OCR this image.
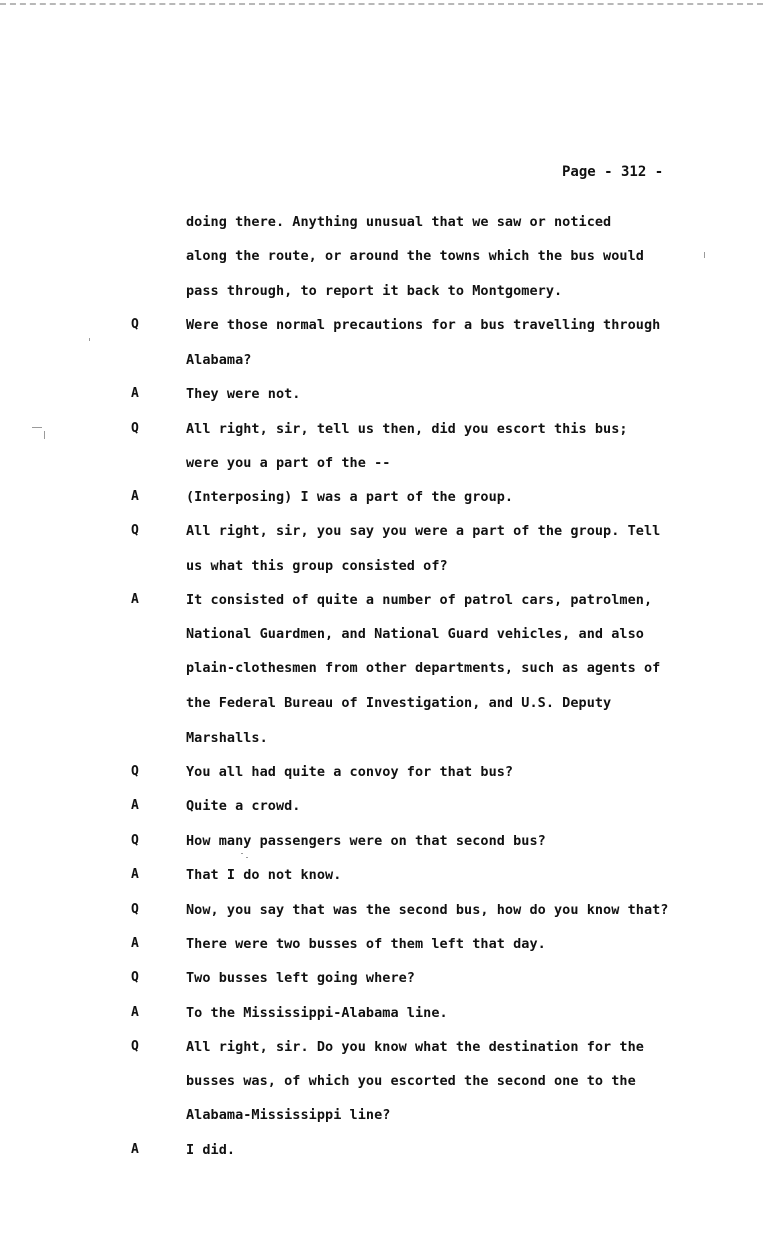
Page - 312 -
doing there. Anything unusual that we saw or noticed
along the route, or around the towns which the bus would
pass through, to report it back to Montgomery.
Q	Were those normal precautions for a bus travelling through
Alabama?
A	They were not.
Q	All right, sir, tell us then, did you escort this bus;
were you a part of the --
A	(Interposing) I was a part of the group.
Q	All right, sir, you say you were a part of the group. Tell
us what this group consisted of?
A	It consisted of quite a number of patrol cars, patrolmen,
National Guardmen, and National Guard vehicles, and also
plain-clothesmen from other departments, such as agents of
the Federal Bureau of Investigation, and U.S. Deputy
Marshalls.
Q	You all had quite a convoy for that bus?
A	Quite a crowd.
Q	How many passengers were on that second bus?
A	That I do not know.
Q	Now, you say that was the second bus, how do you know that?
A	There were two busses of them left that day.
Q	Two busses left going where?
A	To the Mississippi-Alabama line.
Q	All right, sir. Do you know what the destination for the
busses was, of which you escorted the second one to the
Alabama-Mississippi line?
A	I did.
